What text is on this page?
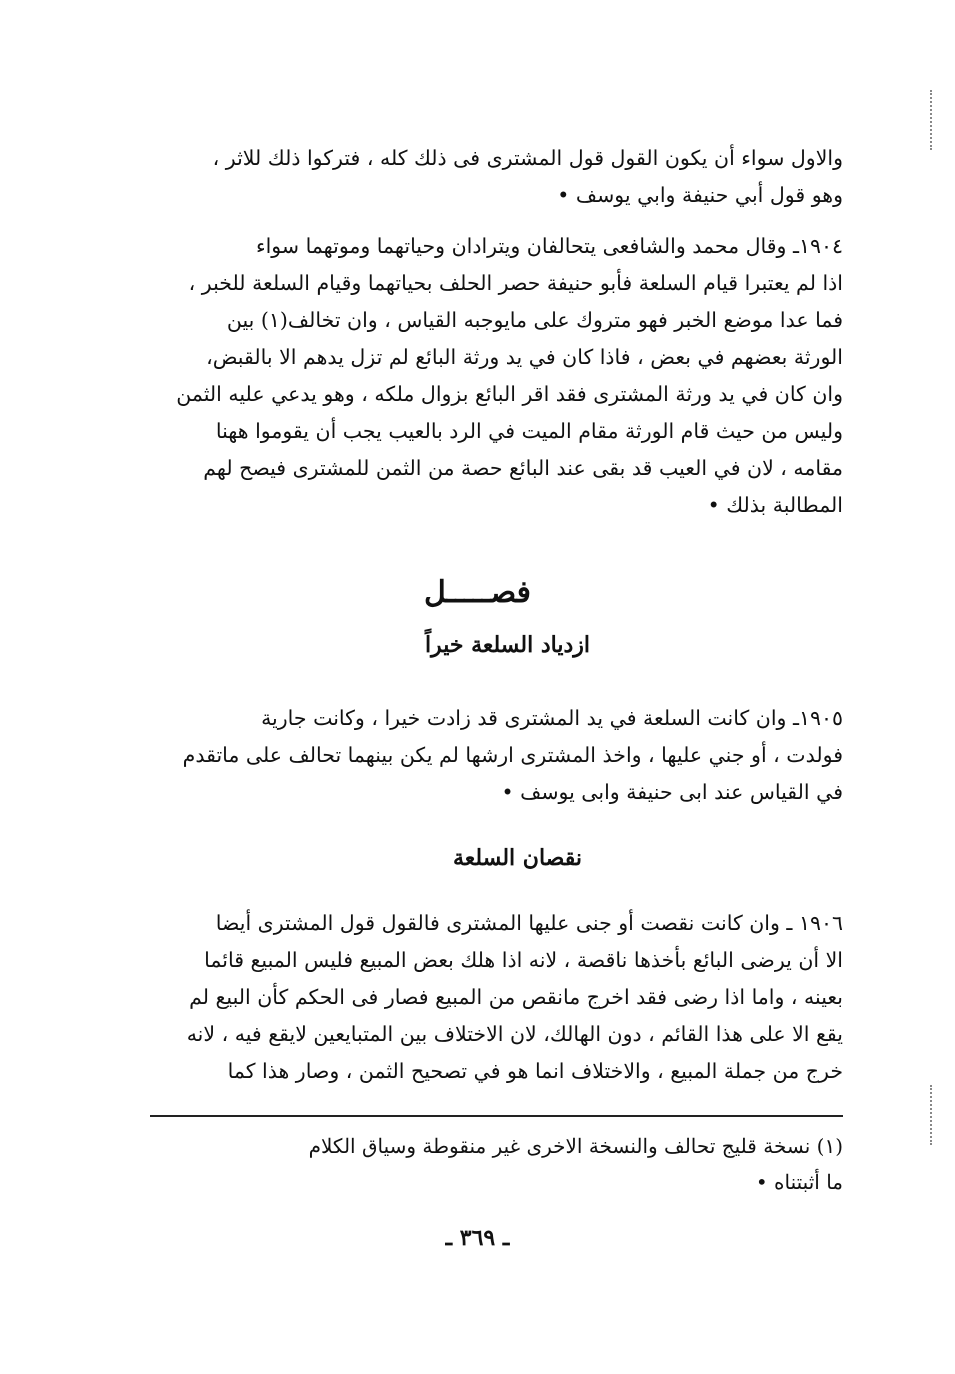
والاول سواء أن يكون القول قول المشترى فى ذلك كله ، فتركوا ذلك للاثر ،
وهو قول أبي حنيفة وابي يوسف •
١٩٠٤ـ وقال محمد والشافعى يتحالفان ويترادان وحياتهما وموتهما سواء
اذا لم يعتبرا قيام السلعة فأبو حنيفة حصر الحلف بحياتهما وقيام السلعة للخبر ،
فما عدا موضع الخبر فهو متروك على مايوجبه القياس ، وان تخالف(١) بين
الورثة بعضهم في بعض ، فاذا كان في يد ورثة البائع لم تزل يدهم الا بالقبض،
وان كان في يد ورثة المشترى فقد اقر البائع بزوال ملكه ، وهو يدعي عليه الثمن
وليس من حيث قام الورثة مقام الميت في الرد بالعيب يجب أن يقوموا ههنا
مقامه ، لان في العيب قد بقى عند البائع حصة من الثمن للمشترى فيصح لهم
المطالبة بذلك •
فصـــــل
ازدياد السلعة خيراً
١٩٠٥ـ وان كانت السلعة في يد المشترى قد زادت خيرا ، وكانت جارية
فولدت ، أو جني عليها ، واخذ المشترى ارشها لم يكن بينهما تحالف على ماتقدم
في القياس عند ابى حنيفة وابى يوسف •
نقصان السلعة
١٩٠٦ ـ وان كانت نقصت أو جنى عليها المشترى فالقول قول المشترى أيضا
الا أن يرضى البائع بأخذها ناقصة ، لانه اذا هلك بعض المبيع فليس المبيع قائما
بعينه ، واما اذا رضى فقد اخرج مانقص من المبيع فصار فى الحكم كأن البيع لم
يقع الا على هذا القائم ، دون الهالك، لان الاختلاف بين المتبايعين لايقع فيه ، لانه
خرج من جملة المبيع ، والاختلاف انما هو في تصحيح الثمن ، وصار هذا كما
(١) نسخة قليج تحالف والنسخة الاخرى غير منقوطة وسياق الكلام
ما أثبتناه •
ـ ٣٦٩ ـ
